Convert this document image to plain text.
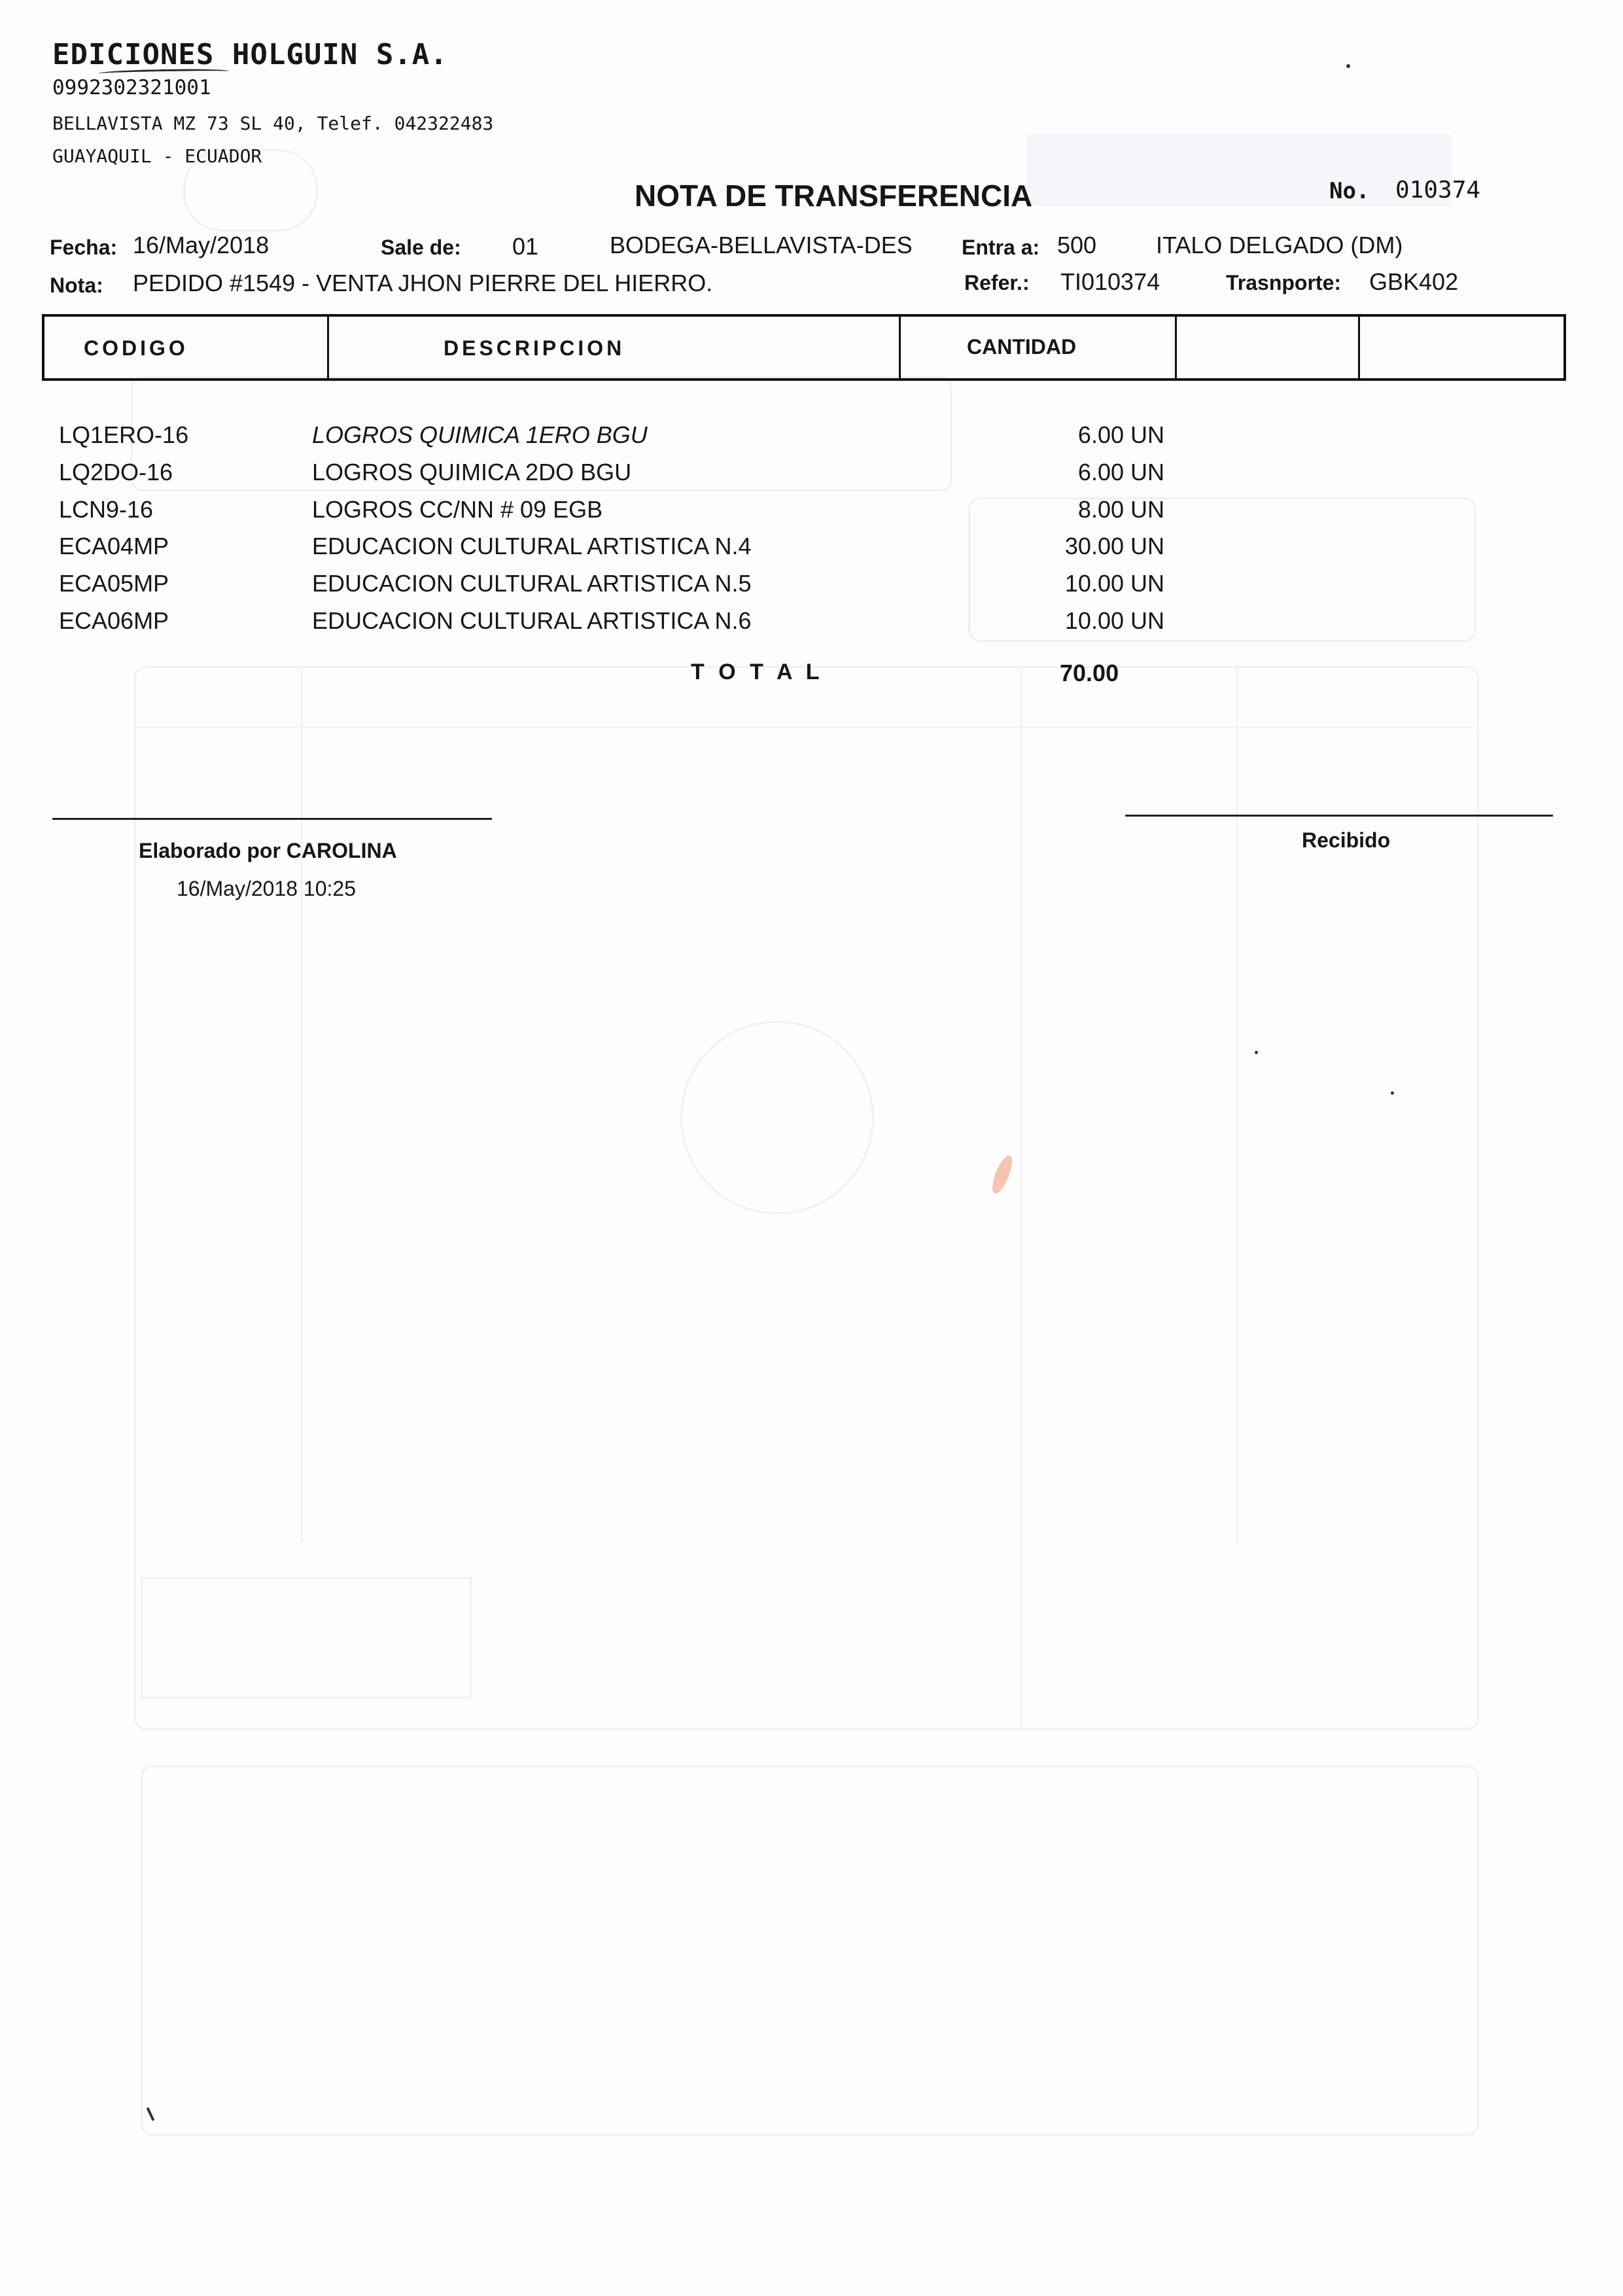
EDICIONES HOLGUIN S.A.
0992302321001
BELLAVISTA MZ 73 SL 40, Telef. 042322483
GUAYAQUIL - ECUADOR
NOTA DE TRANSFERENCIA	No. 010374
Fecha: 16/May/2018	Sale de: 01	BODEGA-BELLAVISTA-DES Entra a: 500	ITALO DELGADO (DM)
Nota: PEDIDO #1549 - VENTA JHON PIERRE DEL HIERRO.	Refer.: TI010374	Trasnporte: GBK402
CODIGO	DESCRIPCION	CANTIDAD
LQ1ERO-16	LOGROS QUIMICA 1ERO BGU	6.00 UN
LQ2DO-16	LOGROS QUIMICA 2DO BGU	6.00 UN
LCN9-16	LOGROS CC/NN # 09 EGB	8.00 UN
ECA04MP	EDUCACION CULTURAL ARTISTICA N.4	30.00 UN
ECA05MP	EDUCACION CULTURAL ARTISTICA N.5	10.00 UN
ECA06MP	EDUCACION CULTURAL ARTISTICA N.6	10.00 UN
T O T A L	70.00
Elaborado por CAROLINA
16/May/2018 10:25
Recibido
